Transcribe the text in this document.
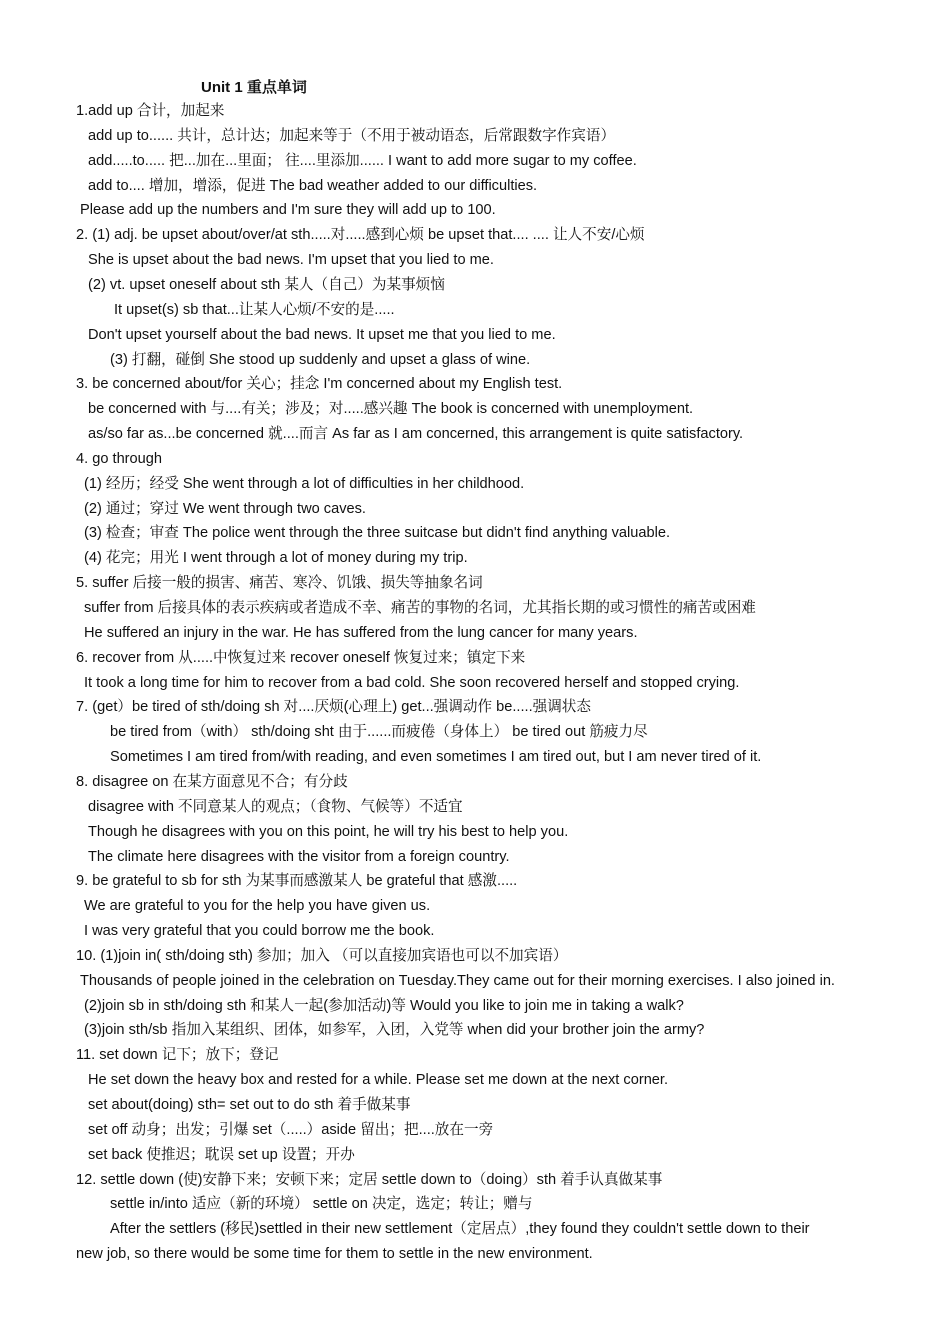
Unit 1 重点单词
1.add up 合计，加起来
add up to...... 共计，总计达；加起来等于（不用于被动语态，后常跟数字作宾语）
add.....to..... 把...加在...里面； 往....里添加...... I want to add more sugar to my coffee.
add to.... 增加，增添，促进 The bad weather added to our difficulties.
Please add up the numbers and I'm sure they will add up to 100.
2. (1) adj. be upset about/over/at sth.....对.....感到心烦 be upset that.... .... 让人不安/心烦
She is upset about the bad news. I'm upset that you lied to me.
(2) vt. upset oneself about sth 某人（自己）为某事烦恼
It upset(s) sb that...让某人心烦/不安的是.....
Don't upset yourself about the bad news. It upset me that you lied to me.
(3) 打翻，碰倒 She stood up suddenly and upset a glass of wine.
3. be concerned about/for 关心；挂念 I'm concerned about my English test.
be concerned with 与....有关；涉及；对.....感兴趣 The book is concerned with unemployment.
as/so far as...be concerned 就....而言 As far as I am concerned, this arrangement is quite satisfactory.
4. go through
(1) 经历；经受 She went through a lot of difficulties in her childhood.
(2) 通过；穿过 We went through two caves.
(3) 检查；审查 The police went through the three suitcase but didn't find anything valuable.
(4) 花完；用光 I went through a lot of money during my trip.
5. suffer 后接一般的损害、痛苦、寒冷、饥饿、损失等抽象名词
suffer from 后接具体的表示疾病或者造成不幸、痛苦的事物的名词，尤其指长期的或习惯性的痛苦或困难
He suffered an injury in the war. He has suffered from the lung cancer for many years.
6. recover from 从.....中恢复过来 recover oneself 恢复过来；镇定下来
It took a long time for him to recover from a bad cold. She soon recovered herself and stopped crying.
7. (get）be tired of sth/doing sh 对....厌烦(心理上) get...强调动作 be.....强调状态
be tired from（with） sth/doing sht 由于......而疲倦（身体上） be tired out 筋疲力尽
Sometimes I am tired from/with reading, and even sometimes I am tired out, but I am never tired of it.
8. disagree on 在某方面意见不合；有分歧
disagree with 不同意某人的观点；（食物、气候等）不适宜
Though he disagrees with you on this point, he will try his best to help you.
The climate here disagrees with the visitor from a foreign country.
9. be grateful to sb for sth 为某事而感激某人 be grateful that 感激.....
We are grateful to you for the help you have given us.
I was very grateful that you could borrow me the book.
10. (1)join in( sth/doing sth) 参加；加入 （可以直接加宾语也可以不加宾语）
Thousands of people joined in the celebration on Tuesday.They came out for their morning exercises. I also joined in.
(2)join sb in sth/doing sth 和某人一起(参加活动)等 Would you like to join me in taking a walk?
(3)join sth/sb 指加入某组织、团体，如参军，入团，入党等 when did your brother join the army?
11. set down 记下；放下；登记
He set down the heavy box and rested for a while. Please set me down at the next corner.
set about(doing) sth= set out to do sth 着手做某事
set off 动身；出发；引爆 set（.....）aside 留出；把....放在一旁
set back 使推迟；耽误 set up 设置；开办
12. settle down (使)安静下来；安顿下来；定居 settle down to（doing）sth 着手认真做某事
settle in/into 适应（新的环境） settle on 决定，选定；转让；赠与
After the settlers (移民)settled in their new settlement（定居点）,they found they couldn't settle down to their
new job, so there would be some time for them to settle in the new environment.
